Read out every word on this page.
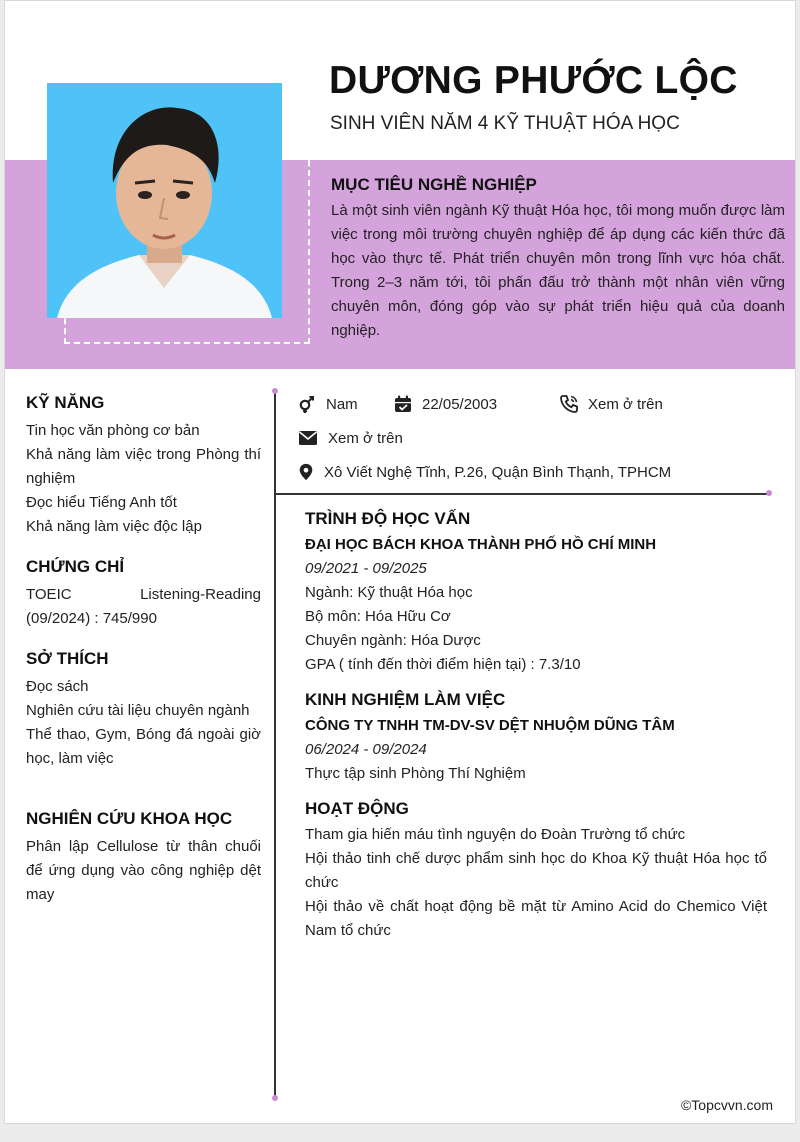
DƯƠNG PHƯỚC LỘC
SINH VIÊN NĂM 4 KỸ THUẬT HÓA HỌC
MỤC TIÊU NGHỀ NGHIỆP

Là một sinh viên ngành Kỹ thuật Hóa học, tôi mong muốn được làm việc trong môi trường chuyên nghiệp để áp dụng các kiến thức đã học vào thực tế. Phát triển chuyên môn trong lĩnh vực hóa chất. Trong 2–3 năm tới, tôi phấn đấu trở thành một nhân viên vững chuyên môn, đóng góp vào sự phát triển hiệu quả của doanh nghiệp.

KỸ NĂNG
Tin học văn phòng cơ bản
Khả năng làm việc trong Phòng thí nghiệm
Đọc hiểu Tiếng Anh tốt
Khả năng làm việc độc lập
CHỨNG CHỈ
TOEIC Listening-Reading (09/2024) : 745/990
SỞ THÍCH
Đọc sách
Nghiên cứu tài liệu chuyên ngành
Thể thao, Gym, Bóng đá ngoài giờ học, làm việc
NGHIÊN CỨU KHOA HỌC
Phân lập Cellulose từ thân chuối để ứng dụng vào công nghiệp dệt may
Nam	22/05/2003	Xem ở trên
Xem ở trên
Xô Viết Nghệ Tĩnh, P.26, Quận Bình Thạnh, TPHCM
TRÌNH ĐỘ HỌC VẤN
ĐẠI HỌC BÁCH KHOA THÀNH PHỐ HỒ CHÍ MINH
09/2021 - 09/2025
Ngành: Kỹ thuật Hóa học
Bộ môn: Hóa Hữu Cơ
Chuyên ngành: Hóa Dược
GPA ( tính đến thời điểm hiện tại) : 7.3/10
KINH NGHIỆM LÀM VIỆC
CÔNG TY TNHH TM-DV-SV DỆT NHUỘM DŨNG TÂM
06/2024 - 09/2024
Thực tập sinh Phòng Thí Nghiệm
HOẠT ĐỘNG
Tham gia hiến máu tình nguyện do Đoàn Trường tổ chức
Hội thảo tinh chế dược phẩm sinh học do Khoa Kỹ thuật Hóa học tổ chức
Hội thảo về chất hoạt động bề mặt từ Amino Acid do Chemico Việt Nam tổ chức
©Topcvvn.com
